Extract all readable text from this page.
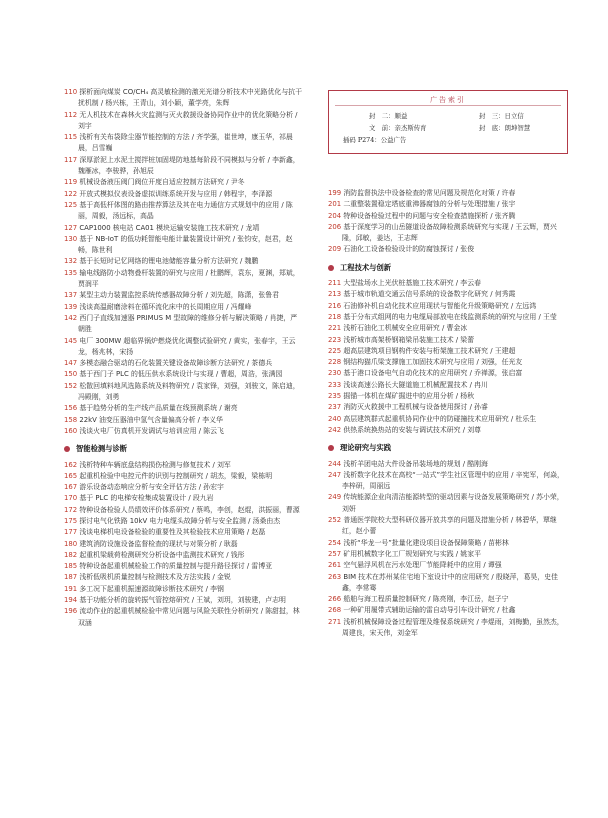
110 探析面向煤炭 CO/CH₄ 高灵敏检测的激光光谱分析技术中光路优化与抗干扰机制 / 杨兴栋，王青山，刘小颖，董学亮，朱辉
112 无人机技术在森林火灾监测与灭火救援设备协同作业中的优化策略分析 / 刘宇
115 浅析有关布袋除尘器节能控制的方法 / 齐学强，崔世坤，康玉华，祁晨晨，吕雪巍
117 深厚淤泥上水泥土搅拌桩加固堤防地基每阶段不同模拟与分析 / 李新鑫，魏雁冰，李骏骅，孙旭辰
119 机械设备液压阀门阀位开度自适应控制方法研究 / 尹冬
122 开放式模拟仪表设备虚拟训练系统开发与应用 / 韩程宇，李泽源
125 基于高低杆体图的路由推荐算法及其在电力通信方式规划中的应用 / 陈丽，周毅，汤远标，高晶
127 CAP1000 核电站 CA01 模块运输安装施工技术研究 / 龙靖
130 基于 NB-IoT 的低功耗智能电能计量装置设计研究 / 张钧安，赵君，赵畅，陈世利
132 基于长短时记忆网络的锂电池储能容量分析方法研究 / 魏鹏
135 输电线路防小动物叠杆装置的研究与应用 / 杜鹏辉，袁东，夏渊，郑斌，贾润平
137 某型主动力装置监控系统传感器故障分析 / 刘先超，陈潇，张鲁君
139 浅谈高温耐磨涂料在循环流化床中的长周期应用 / 冯耀峰
142 西门子直线加速器 PRIMUS M 型故障的维修分析与解决策略 / 肖捷，严朝胜
145 电厂 300MW 超临界锅炉燃烧优化调整试验研究 / 黄实，张春宇，王云龙，杨兆林，宋扬
147 多模态融合驱动的石化装置关键设备故障诊断方法研究 / 茶德兵
150 基于西门子 PLC 的低压供水系统设计与实现 / 曹超，周浩，张满园
152 松散回填料地风选陈系统及料物研究 / 袁家锋，刘强，刘骏文，陈启迪，冯殿刚，刘勇
156 基于趋势分析的生产线产品质量在线预测系统 / 谢亮
158 22kV 油变压器油中氢气含量偏高分析 / 李义华
160 浅谈火电厂仿真机开发调试与培训应用 / 陈云飞
智能检测与诊断
162 浅析特种车辆底盘结构损伤检测与修复技术 / 刘军
165 起重机检验中电控元件的识别与控制研究 / 胡杰，梁毅，梁栋明
167 游乐设备动态响应分析与安全评估方法 / 孙宏宇
170 基于 PLC 的电梯安检集成装置设计 / 段九岩
172 特种设备检验人员绩效评价体系研究 / 蔡鸣，李创，赵焜，洪振丽，曹源
175 探讨电气化铁路 10kV 电力电缆头故障分析与安全监测 / 汤桑由杰
177 浅谈电梯机电设备检验的重要性及其检验技术应用策略 / 赵磊
180 建筑消防设施设备监督检查的现状与对策分析 / 耿磊
182 起重机梁载荷检测研究分析设备中监测技术研究 / 钱彤
185 特种设备起重机械检验工作的质量控制与提升路径探讨 / 雷博亚
187 浅析低吸机质量控制与检测技术及方法实践 / 金锐
191 多工况下起重机振速源故障诊断技术研究 / 李钢
194 基于功能分析的旋转振气管控熔研究 / 王斌，刘玥，刘骏建，卢志明
196 流动作业的起重机械检验中常见问题与风险关联性分析研究 / 陈甜挝，林双涵
广告索引
封　二：顺益	封　三：日立信
文　前：亲杰斯传育	封　底：朗坤智慧
插码 P274：公益广告
199 消防监督执法中设备检查的常见问题及规范化对策 / 许春
201 二重整装置稳定塔底重沸器腐蚀的分析与处理措施 / 张宇
204 特种设备检验过程中的问题与安全检查措施探析 / 张齐腾
206 基于深度学习的山岳隧道设备故障检测系统研究与实现 / 王云辉，贾兴隆，邱敏，姜达，王志辉
209 石油化工设备检验设计的防腐蚀探讨 / 张俊
工程技术与创新
211 大型盐场水上光伏桩基施工技术研究 / 李云春
213 基于城市轨道交通云信号系统的设备数字化研究 / 何秀霞
216 石油修补机自动化技术应用现状与智能化升级策略研究 / 左远鸿
218 基于分布式组网的电力电缆局部放电在线监测系统的研究与应用 / 王莹
221 浅析石油化工机械安全应用研究 / 曹金冰
223 浅析城市高架桥钢箱梁吊装施工技术 / 梁蕾
225 超高层建筑项目钢构件安装与桁架施工技术研究 / 王建超
228 钢结构猫爪梁支撑施工加固技术研究与应用 / 刘强，任光友
230 基于港口设备电气自动化技术的应用研究 / 乔禅源，张启富
233 浅谈高速公路长大隧道施工机械配置技术 / 冉川
235 掘锚一体机在煤矿掘进中的应用分析 / 杨秋
237 消防灭火救援中工程机械与设备使用探讨 / 孙睿
240 高层建筑群式起重机协同作业中的防碰撞技术应用研究 / 杜乐生
242 供热系统换热站的安装与调试技术研究 / 刘尊
理论研究与实践
244 浅析羊团电站大件设备吊装场地的规划 / 酷刚海
247 浅析数字化技术在高校“一站式”学生社区管理中的应用 / 辛宪军，何焱，李梓研，周丽远
249 传统能源企业向清洁能源转型的驱动因素与设备发展策略研究 / 苏小荣，刘妍
252 普通医学院校大型科研仪器开放共享的问题及措施分析 / 林碧华，覃继红，赵小蕾
254 浅析“华龙一号”批量化建设项目设备保障策略 / 苗彬林
257 矿用机械数字化工厂规划研究与实践 / 姚家平
261 空气悬浮风机在污水处理厂节能降耗中的应用 / 谭强
263 BIM 技术在苏州某住宅地下室设计中的应用研究 / 殷晓萍，葛昊，史佳鑫，李常骞
266 船舶与海工程质量控制研究 / 陈亮刚，李江岳，赵子宁
268 一种矿用履带式辅助运输的雷自动导引车设计研究 / 杜鑫
271 浅析机械保障设备过程管理及维保系统研究 / 李焜雨，刘梅勤，虽然杰，周建良，宋天伟，刘金军
